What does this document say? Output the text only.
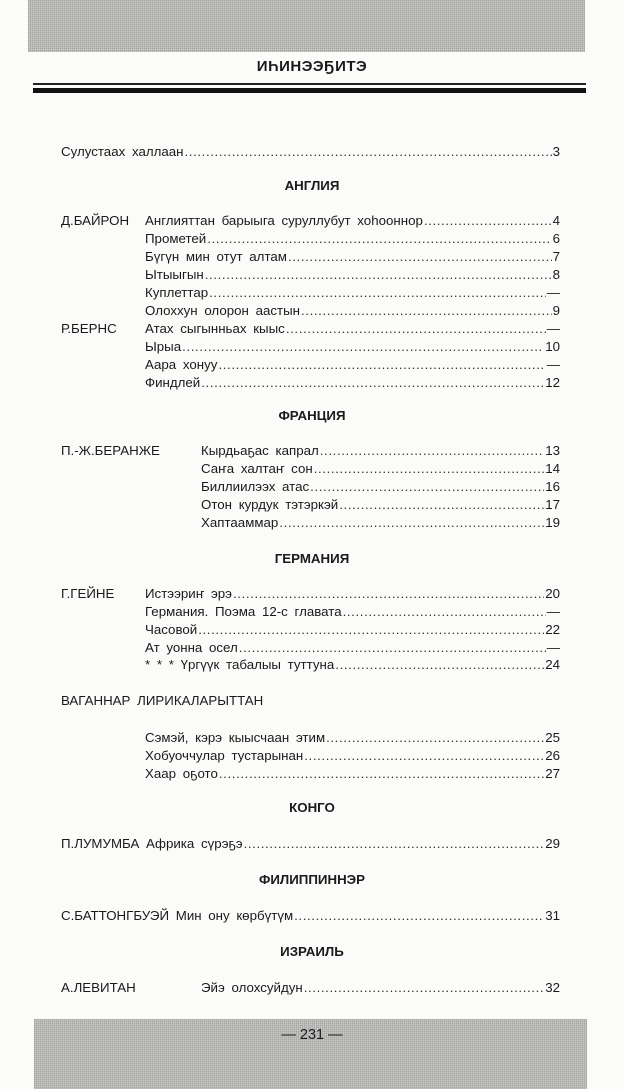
ИҺИНЭЭҔИТЭ
Сулустаах халлаан .....	3
АНГЛИЯ
Д.БАЙРОН Англияттан барыыга суруллубут хоһооннор .....	4
Прометей .....	6
Бүгүн мин отут алтам .....	7
Ытыыгын .....	8
Куплеттар .....	—
Олоххун олорон аастын .....	9
Р.БЕРНС Атах сыгынньах кыыс .....	—
Ырыа .....	10
Аара хонуу .....	—
Финдлей .....	12
ФРАНЦИЯ
П.-Ж.БЕРАНЖЕ	Кырдьаҕас капрал .....	13
Саҥа халтаҥ сон .....	14
Биллиилээх атас .....	16
Отон курдук тэтэркэй .....	17
Хаптааммар .....	19
ГЕРМАНИЯ
Г.ГЕЙНЕ Истээриҥ эрэ .....	20
Германия. Поэма 12-с главата .....	—
Часовой .....	22
Ат уонна осел .....	—
* * * Үргүүк табалыы туттуна .....	24
ВАГАННАР ЛИРИКАЛАРЫТТАН
Сэмэй, кэрэ кыысчаан этим .....	25
Хобуоччулар тустарынан .....	26
Хаар оҕото .....	27
КОНГО
П.ЛУМУМБА Африка сүрэҕэ .....	29
ФИЛИППИННЭР
С.БАТТОНГБУЭЙ Мин ону көрбүтүм .....	31
ИЗРАИЛЬ
А.ЛЕВИТАН	Эйэ олохсуйдун .....	32
— 231 —
